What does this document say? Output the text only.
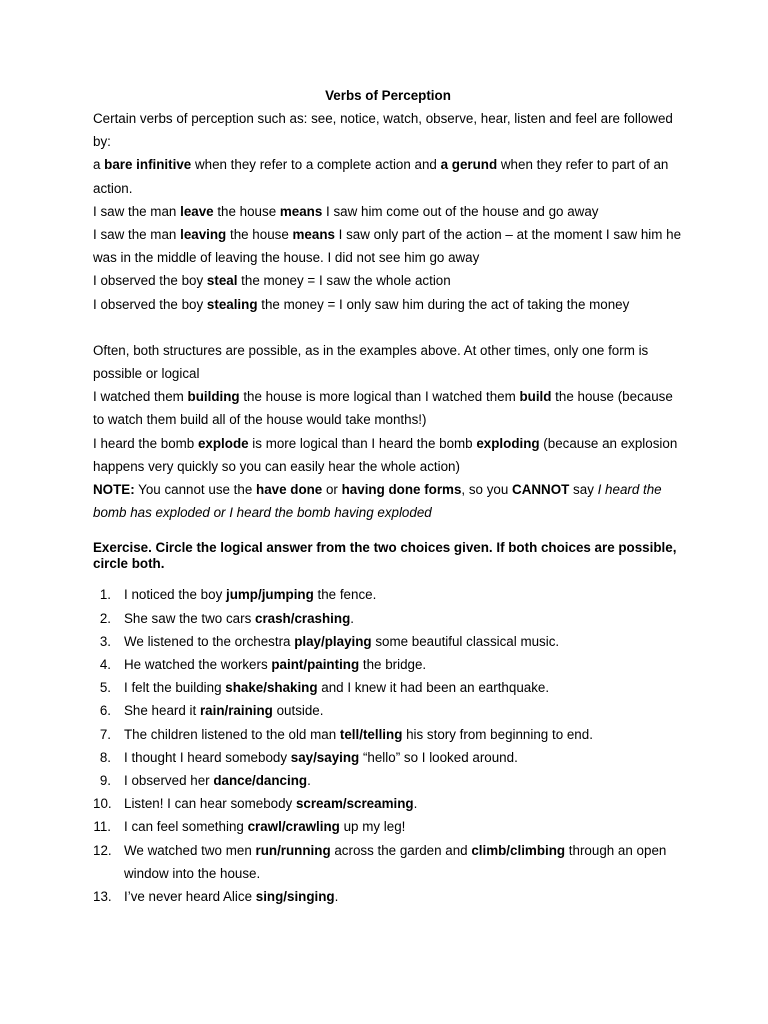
Verbs of Perception

Certain verbs of perception such as: see, notice, watch, observe, hear, listen and feel are followed by:

a bare infinitive when they refer to a complete action and a gerund when they refer to part of an action.

I saw the man leave the house means I saw him come out of the house and go away

I saw the man leaving the house means I saw only part of the action – at the moment I saw him he was in the middle of leaving the house. I did not see him go away

I observed the boy steal the money = I saw the whole action

I observed the boy stealing the money = I only saw him during the act of taking the money

Often, both structures are possible, as in the examples above. At other times, only one form is possible or logical

I watched them building the house is more logical than I watched them build the house (because to watch them build all of the house would take months!)

I heard the bomb explode is more logical than I heard the bomb exploding (because an explosion happens very quickly so you can easily hear the whole action)

NOTE: You cannot use the have done or having done forms, so you CANNOT say I heard the bomb has exploded or I heard the bomb having exploded

Exercise. Circle the logical answer from the two choices given. If both choices are possible, circle both.
1. I noticed the boy jump/jumping the fence.
2. She saw the two cars crash/crashing.
3. We listened to the orchestra play/playing some beautiful classical music.
4. He watched the workers paint/painting the bridge.
5. I felt the building shake/shaking and I knew it had been an earthquake.
6. She heard it rain/raining outside.
7. The children listened to the old man tell/telling his story from beginning to end.
8. I thought I heard somebody say/saying “hello” so I looked around.
9. I observed her dance/dancing.
10. Listen! I can hear somebody scream/screaming.
11. I can feel something crawl/crawling up my leg!
12. We watched two men run/running across the garden and climb/climbing through an open window into the house.
13. I’ve never heard Alice sing/singing.
